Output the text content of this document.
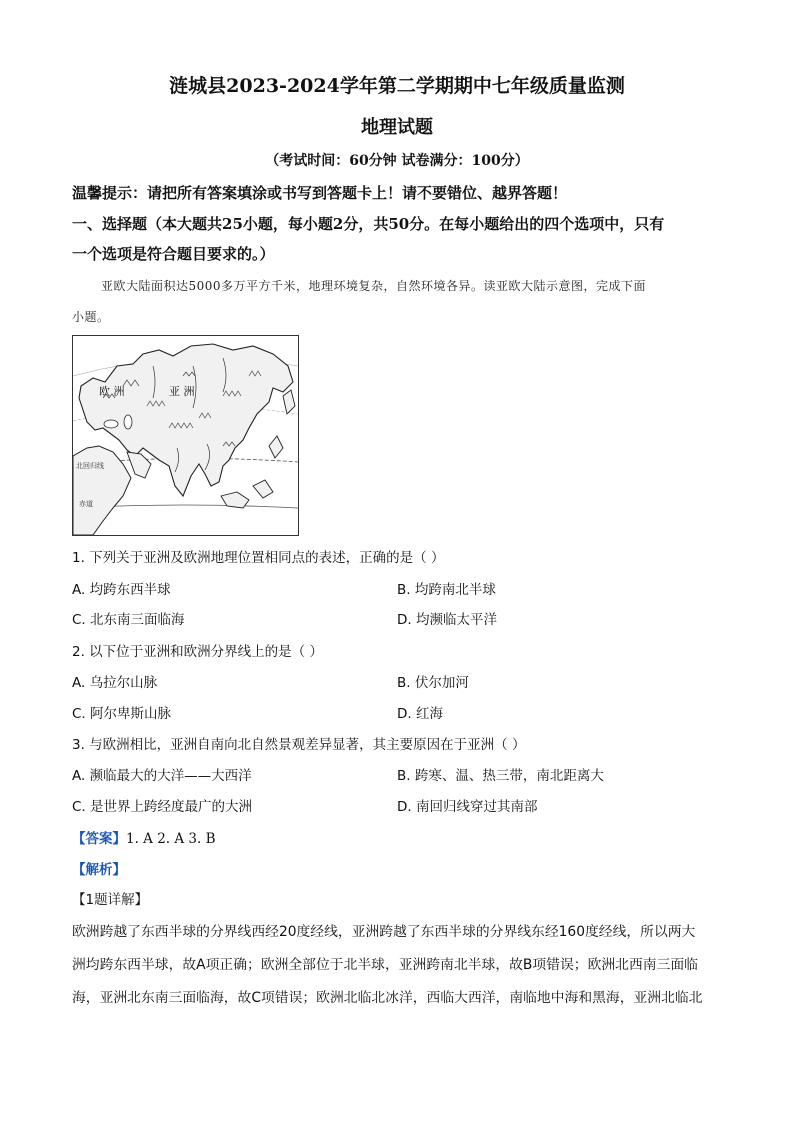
涟城县2023-2024学年第二学期期中七年级质量监测
地理试题
（考试时间：60分钟 试卷满分：100分）
温馨提示：请把所有答案填涂或书写到答题卡上！请不要错位、越界答题！
一、选择题（本大题共25小题，每小题2分，共50分。在每小题给出的四个选项中，只有
一个选项是符合题目要求的。）
亚欧大陆面积达5000多万平方千米，地理环境复杂，自然环境各异。读亚欧大陆示意图，完成下面
小题。
欧 洲	亚 洲
北回归线
赤道
1. 下列关于亚洲及欧洲地理位置相同点的表述，正确的是（ ）
A. 均跨东西半球	B. 均跨南北半球
C. 北东南三面临海	D. 均濒临太平洋
2. 以下位于亚洲和欧洲分界线上的是（ ）
A. 乌拉尔山脉	B. 伏尔加河
C. 阿尔卑斯山脉	D. 红海
3. 与欧洲相比，亚洲自南向北自然景观差异显著，其主要原因在于亚洲（ ）
A. 濒临最大的大洋——大西洋	B. 跨寒、温、热三带，南北距离大
C. 是世界上跨经度最广的大洲	D. 南回归线穿过其南部
【答案】1. A 2. A 3. B
【解析】
【1题详解】
欧洲跨越了东西半球的分界线西经20度经线，亚洲跨越了东西半球的分界线东经160度经线，所以两大
洲均跨东西半球，故A项正确；欧洲全部位于北半球，亚洲跨南北半球，故B项错误；欧洲北西南三面临
海，亚洲北东南三面临海，故C项错误；欧洲北临北冰洋，西临大西洋，南临地中海和黑海，亚洲北临北
